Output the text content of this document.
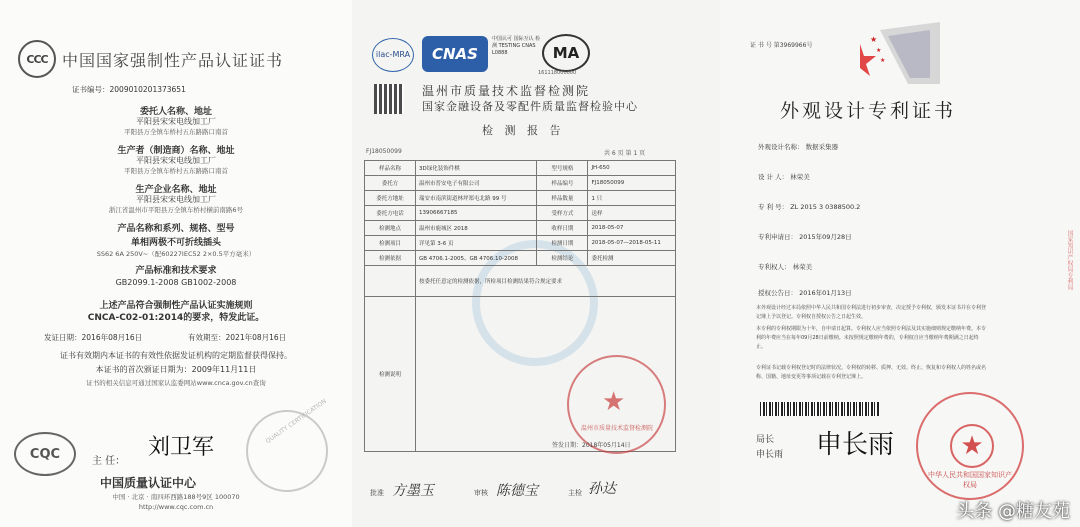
CCC 中国国家强制性产品认证证书
证书编号：2009010201373651
委托人名称、地址
平阳县宋宋电线加工厂
平阳县万全镇车桥村五东路路口南首
生产者（制造商）名称、地址
平阳县宋宋电线加工厂
平阳县万全镇车桥村五东路路口南首
生产企业名称、地址
平阳县宋宋电线加工厂
浙江省温州市平阳县万全镇车桥村横前南路6号
产品名称和系列、规格、型号
单相两极不可折线插头
SS62 6A 250V~（配60227IEC52 2×0.5平方毫米）
产品标准和技术要求
GB2099.1-2008 GB1002-2008
上述产品符合强制性产品认证实施规则
CNCA-C02-01:2014的要求，特发此证。
发证日期：2016年08月16日	有效期至：2021年08月16日
证书有效期内本证书的有效性依据发证机构的定期监督获得保持。
本证书的首次颁证日期为：2009年11月11日
证书的相关信息可通过国家认监委网站www.cnca.gov.cn查询
QUALITY CERTIFICATION
主 任：
刘卫军
CQC
中国质量认证中心
中国 · 北京 · 南四环西路188号9区 100070
http://www.cqc.com.cn
ilac-MRA	CNAS
中国认可 国际互认 检测 TESTING CNAS L0888	MA
161118000000
温州市质量技术监督检测院
国家金融设备及零配件质量监督检验中心
检 测 报 告
FJ18050099	共 6 页 第 1 页
样品名称	3D绿化装饰件棋	型号规格	JH-650
委托方	温州市普安电子有限公司	样品编号	FJ18050099
委托方地址	瑞安市南滨街道林坪郑屯北路 99 号	样品数量	1 只
委托方电话	13906667185	受样方式	送样
检测地点	温州市鹿城区 2018	收样日期	2018-05-07
检测项目	详见第 3-6 页	检测日期	2018-05-07—2018-05-11
检测依据	GB 4706.1-2005、GB 4706.10-2008	检测结论	委托检测
	按委托任意定的检测依据，所检项目检测结果符合规定要求		
检测说明			
★
温州市质量技术监督检测院
签发日期：2018年05月14日
批准 方墨玉	审核 陈德宝	主检 孙达
证 书 号 第3969966号
★
★
★
外观设计专利证书
外观设计名称： 数据采集器
设 计 人： 林荣美
专 利 号： ZL 2015 3 0388500.2
专利申请日： 2015年09月28日
专利权人： 林荣美
授权公告日： 2016年01月13日
本外观设计经过本局依照中华人民共和国专利法进行初步审查，决定授予专利权，颁发本证书并在专利登记簿上予以登记。专利权自授权公告之日起生效。
本专利的专利权期限为十年，自申请日起算。专利权人应当依照专利法及其实施细则规定缴纳年费。本专利的年费应当在每年09月28日前缴纳。未按照规定缴纳年费的，专利权自应当缴纳年费期满之日起终止。
专利证书记载专利权登记时的法律状况。专利权的转移、质押、无效、终止、恢复和专利权人的姓名或名称、国籍、地址变更等事项记载在专利登记簿上。
局长
申长雨 申长雨	★
中华人民共和国国家知识产权局
国家知识产权局专利局
头条 @糖友苑
